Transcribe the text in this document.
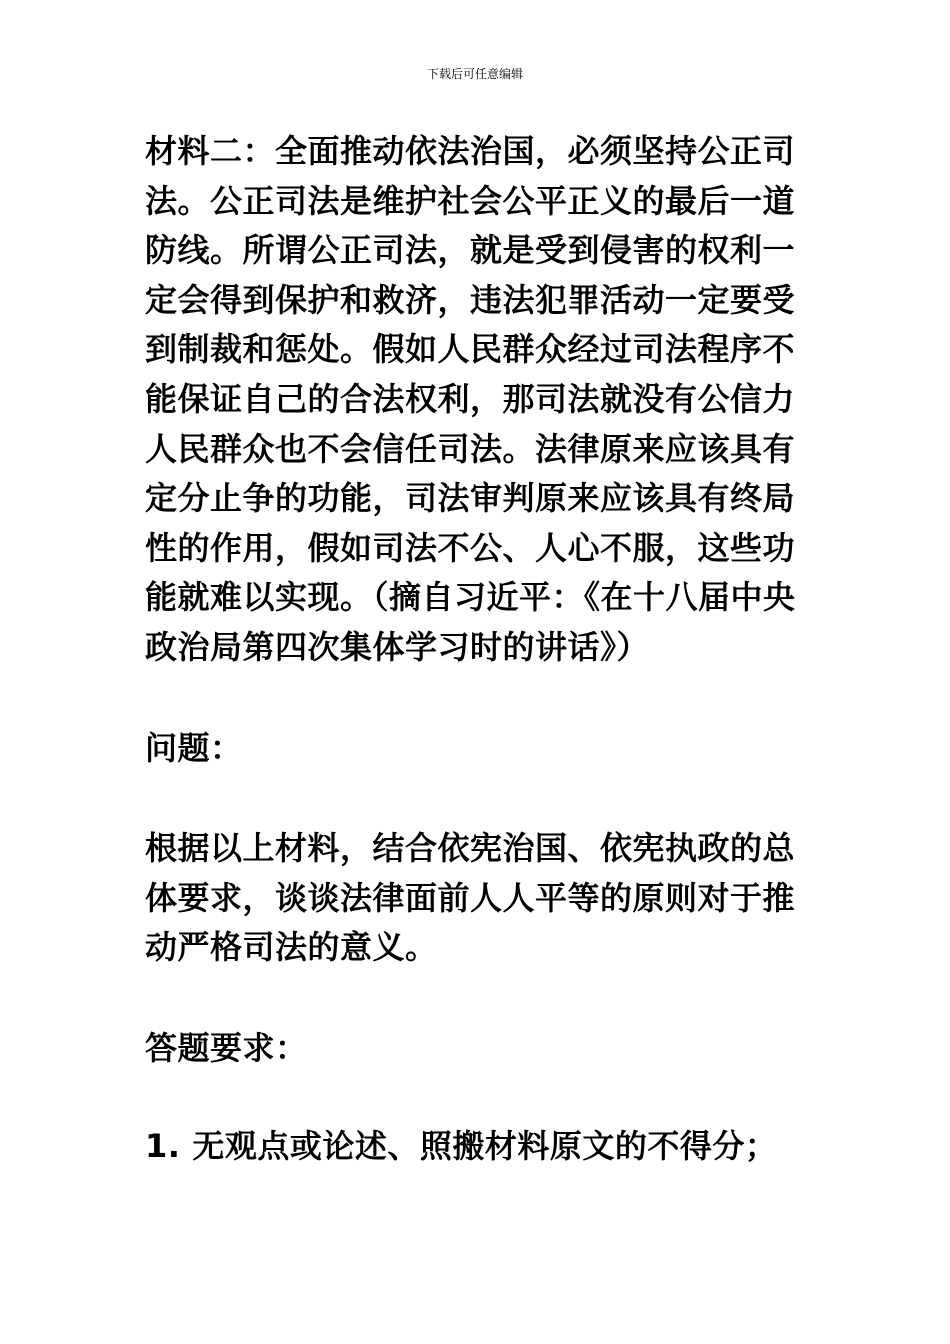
下载后可任意编辑

材料二：全面推动依法治国，必须坚持公正司法。公正司法是维护社会公平正义的最后一道防线。所谓公正司法，就是受到侵害的权利一定会得到保护和救济，违法犯罪活动一定要受到制裁和惩处。假如人民群众经过司法程序不能保证自己的合法权利，那司法就没有公信力人民群众也不会信任司法。法律原来应该具有定分止争的功能，司法审判原来应该具有终局性的作用，假如司法不公、人心不服，这些功能就难以实现。（摘自习近平：《在十八届中央政治局第四次集体学习时的讲话》）

问题：

根据以上材料，结合依宪治国、依宪执政的总体要求，谈谈法律面前人人平等的原则对于推动严格司法的意义。

答题要求：

1. 无观点或论述、照搬材料原文的不得分；
